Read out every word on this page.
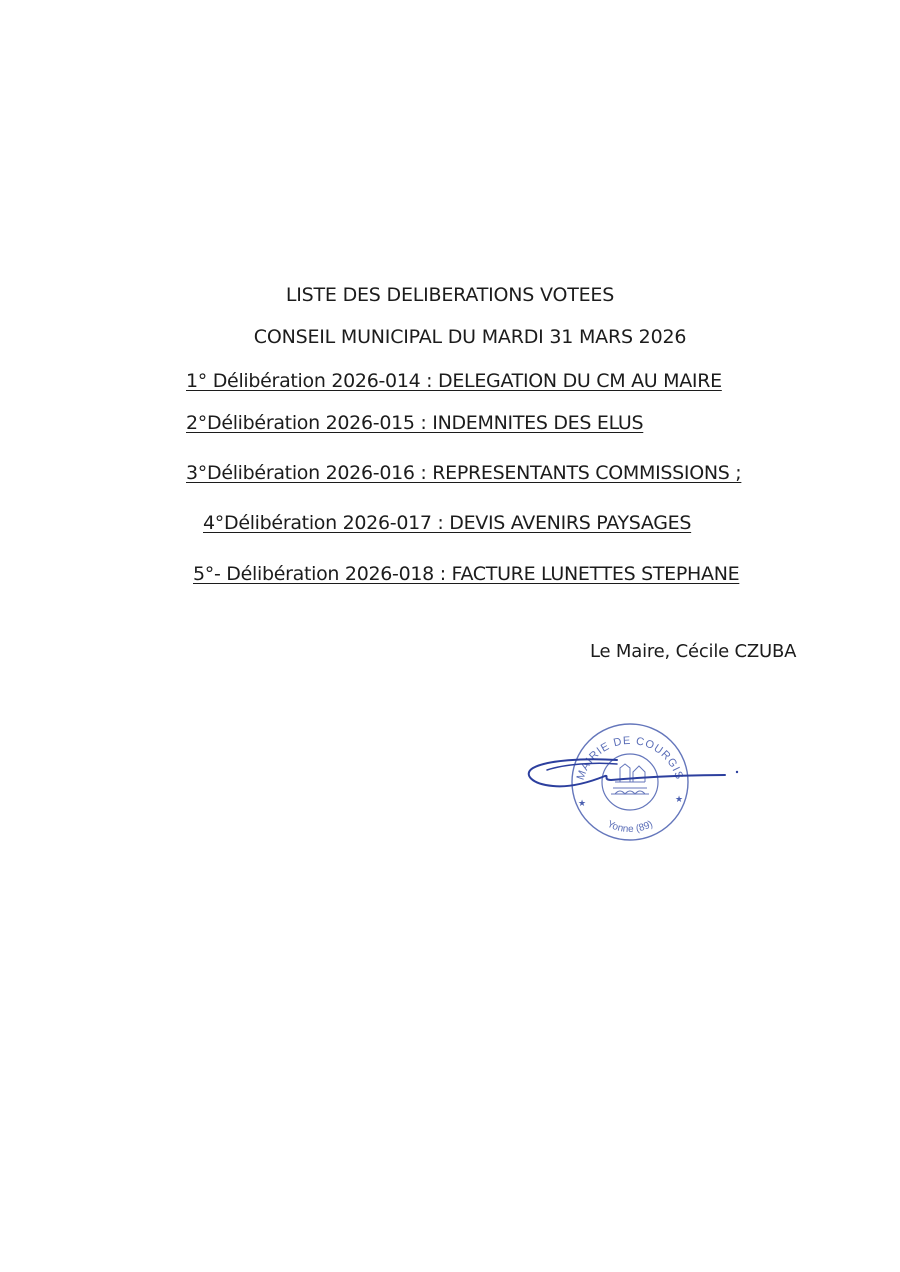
LISTE DES DELIBERATIONS VOTEES
CONSEIL MUNICIPAL DU MARDI 31 MARS 2026
1° Délibération 2026-014 : DELEGATION DU CM AU MAIRE
2°Délibération 2026-015 : INDEMNITES DES ELUS
3°Délibération 2026-016 : REPRESENTANTS COMMISSIONS ;
4°Délibération 2026-017 : DEVIS AVENIRS PAYSAGES
5°- Délibération 2026-018 : FACTURE LUNETTES STEPHANE
Le Maire, Cécile CZUBA
MAIRIE DE COURGIS
Yonne (89)
★	★
